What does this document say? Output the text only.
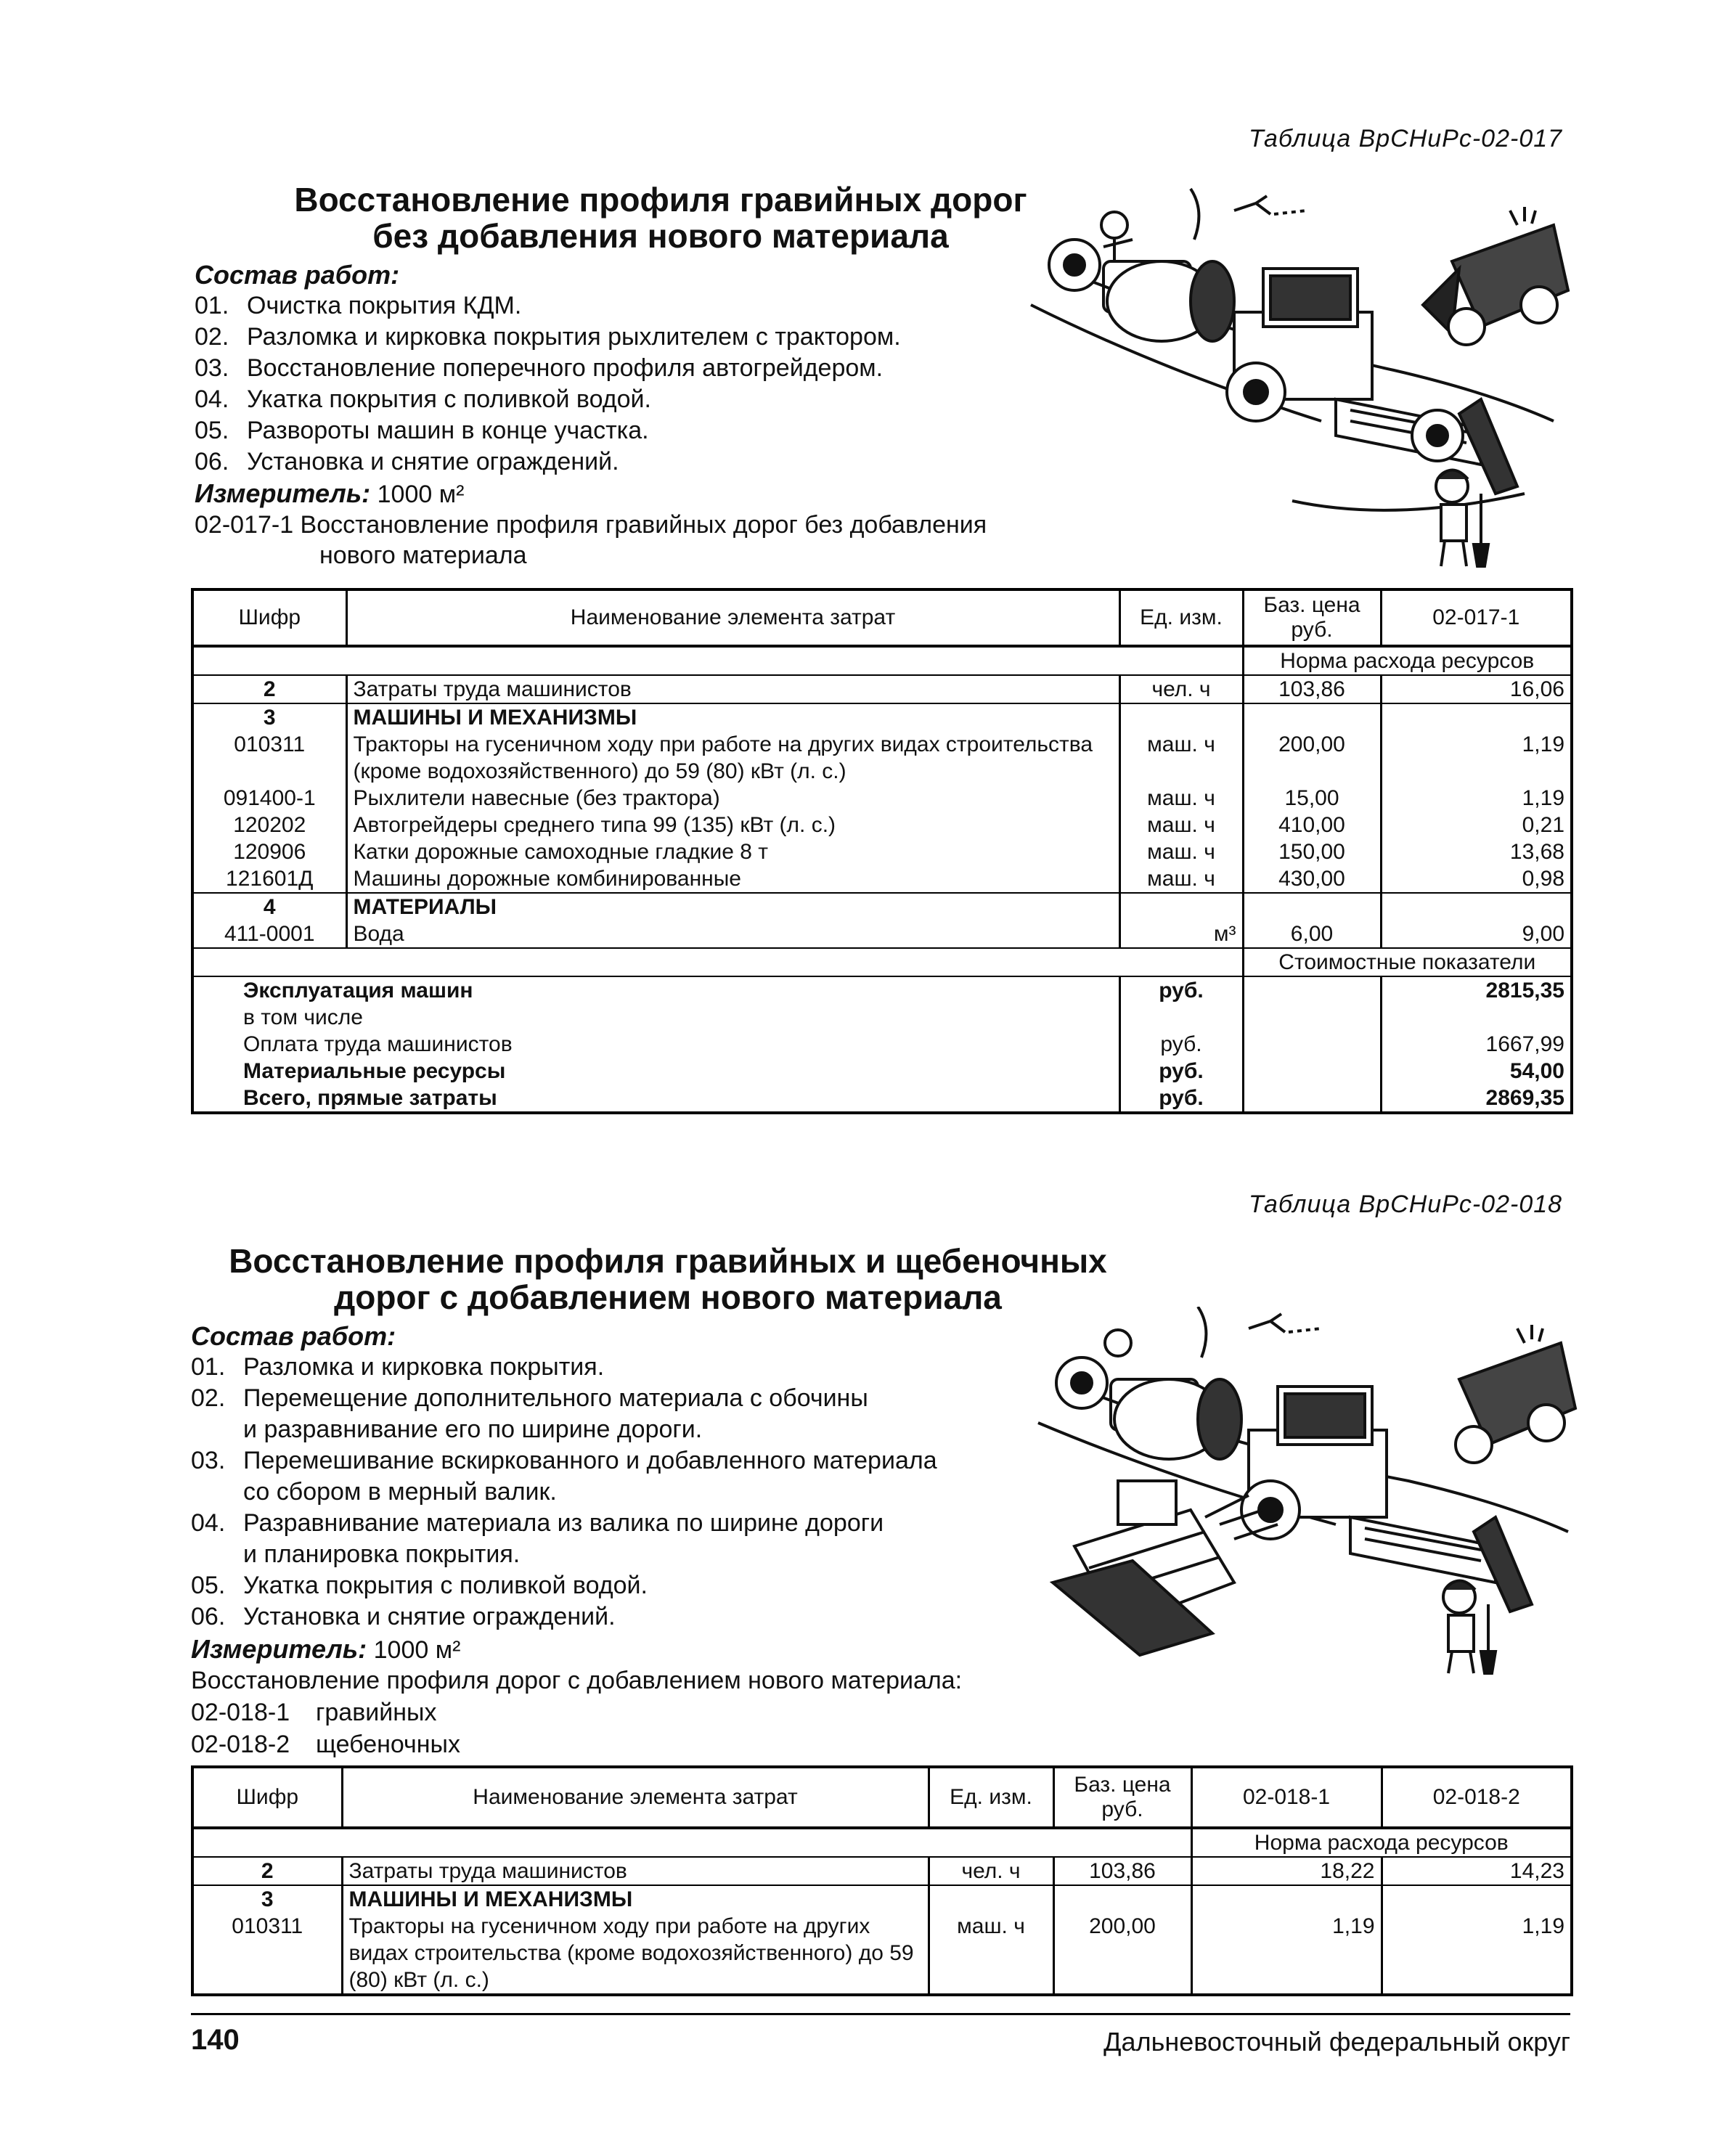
Таблица ВрСНиРс-02-017
Восстановление профиля гравийных дорог
без добавления нового материала
Состав работ:
01. Очистка покрытия КДМ.
02. Разломка и кирковка покрытия рыхлителем с трактором.
03. Восстановление поперечного профиля автогрейдером.
04. Укатка покрытия с поливкой водой.
05. Развороты машин в конце участка.
06. Установка и снятие ограждений.
Измеритель: 1000 м²
02-017-1 Восстановление профиля гравийных дорог без добавления
нового материала
Шифр	Наименование элемента затрат	Ед. изм.	Баз. цена руб.	02-017-1
			Норма расхода ресурсов	
2	Затраты труда машинистов	чел. ч	103,86	16,06
3	МАШИНЫ И МЕХАНИЗМЫ			
010311	Тракторы на гусеничном ходу при работе на других видах строительства (кроме водохозяйственного) до 59 (80) кВт (л. с.)	маш. ч	200,00	1,19
091400-1	Рыхлители навесные (без трактора)	маш. ч	15,00	1,19
120202	Автогрейдеры среднего типа 99 (135) кВт (л. с.)	маш. ч	410,00	0,21
120906	Катки дорожные самоходные гладкие 8 т	маш. ч	150,00	13,68
121601Д	Машины дорожные комбинированные	маш. ч	430,00	0,98
4	МАТЕРИАЛЫ			
411-0001	Вода	м³	6,00	9,00
			Стоимостные показатели	
Эксплуатация машин		руб.		2815,35
в том числе				
Оплата труда машинистов		руб.		1667,99
Материальные ресурсы		руб.		54,00
Всего, прямые затраты		руб.		2869,35
Таблица ВрСНиРс-02-018
Восстановление профиля гравийных и щебеночных
дорог с добавлением нового материала
Состав работ:
01. Разломка и кирковка покрытия.
02. Перемещение дополнительного материала с обочины
и разравнивание его по ширине дороги.
03. Перемешивание вскиркованного и добавленного материала
со сбором в мерный валик.
04. Разравнивание материала из валика по ширине дороги
и планировка покрытия.
05. Укатка покрытия с поливкой водой.
06. Установка и снятие ограждений.
Измеритель: 1000 м²
Восстановление профиля дорог с добавлением нового материала:
02-018-1 гравийных
02-018-2 щебеночных
Шифр	Наименование элемента затрат	Ед. изм.	Баз. цена руб.	02-018-1	02-018-2
				Норма расхода ресурсов	
2	Затраты труда машинистов	чел. ч	103,86	18,22	14,23
3	МАШИНЫ И МЕХАНИЗМЫ				
010311	Тракторы на гусеничном ходу при работе на других видах строительства (кроме водохозяйственного) до 59 (80) кВт (л. с.)	маш. ч	200,00	1,19	1,19
140	Дальневосточный федеральный округ
